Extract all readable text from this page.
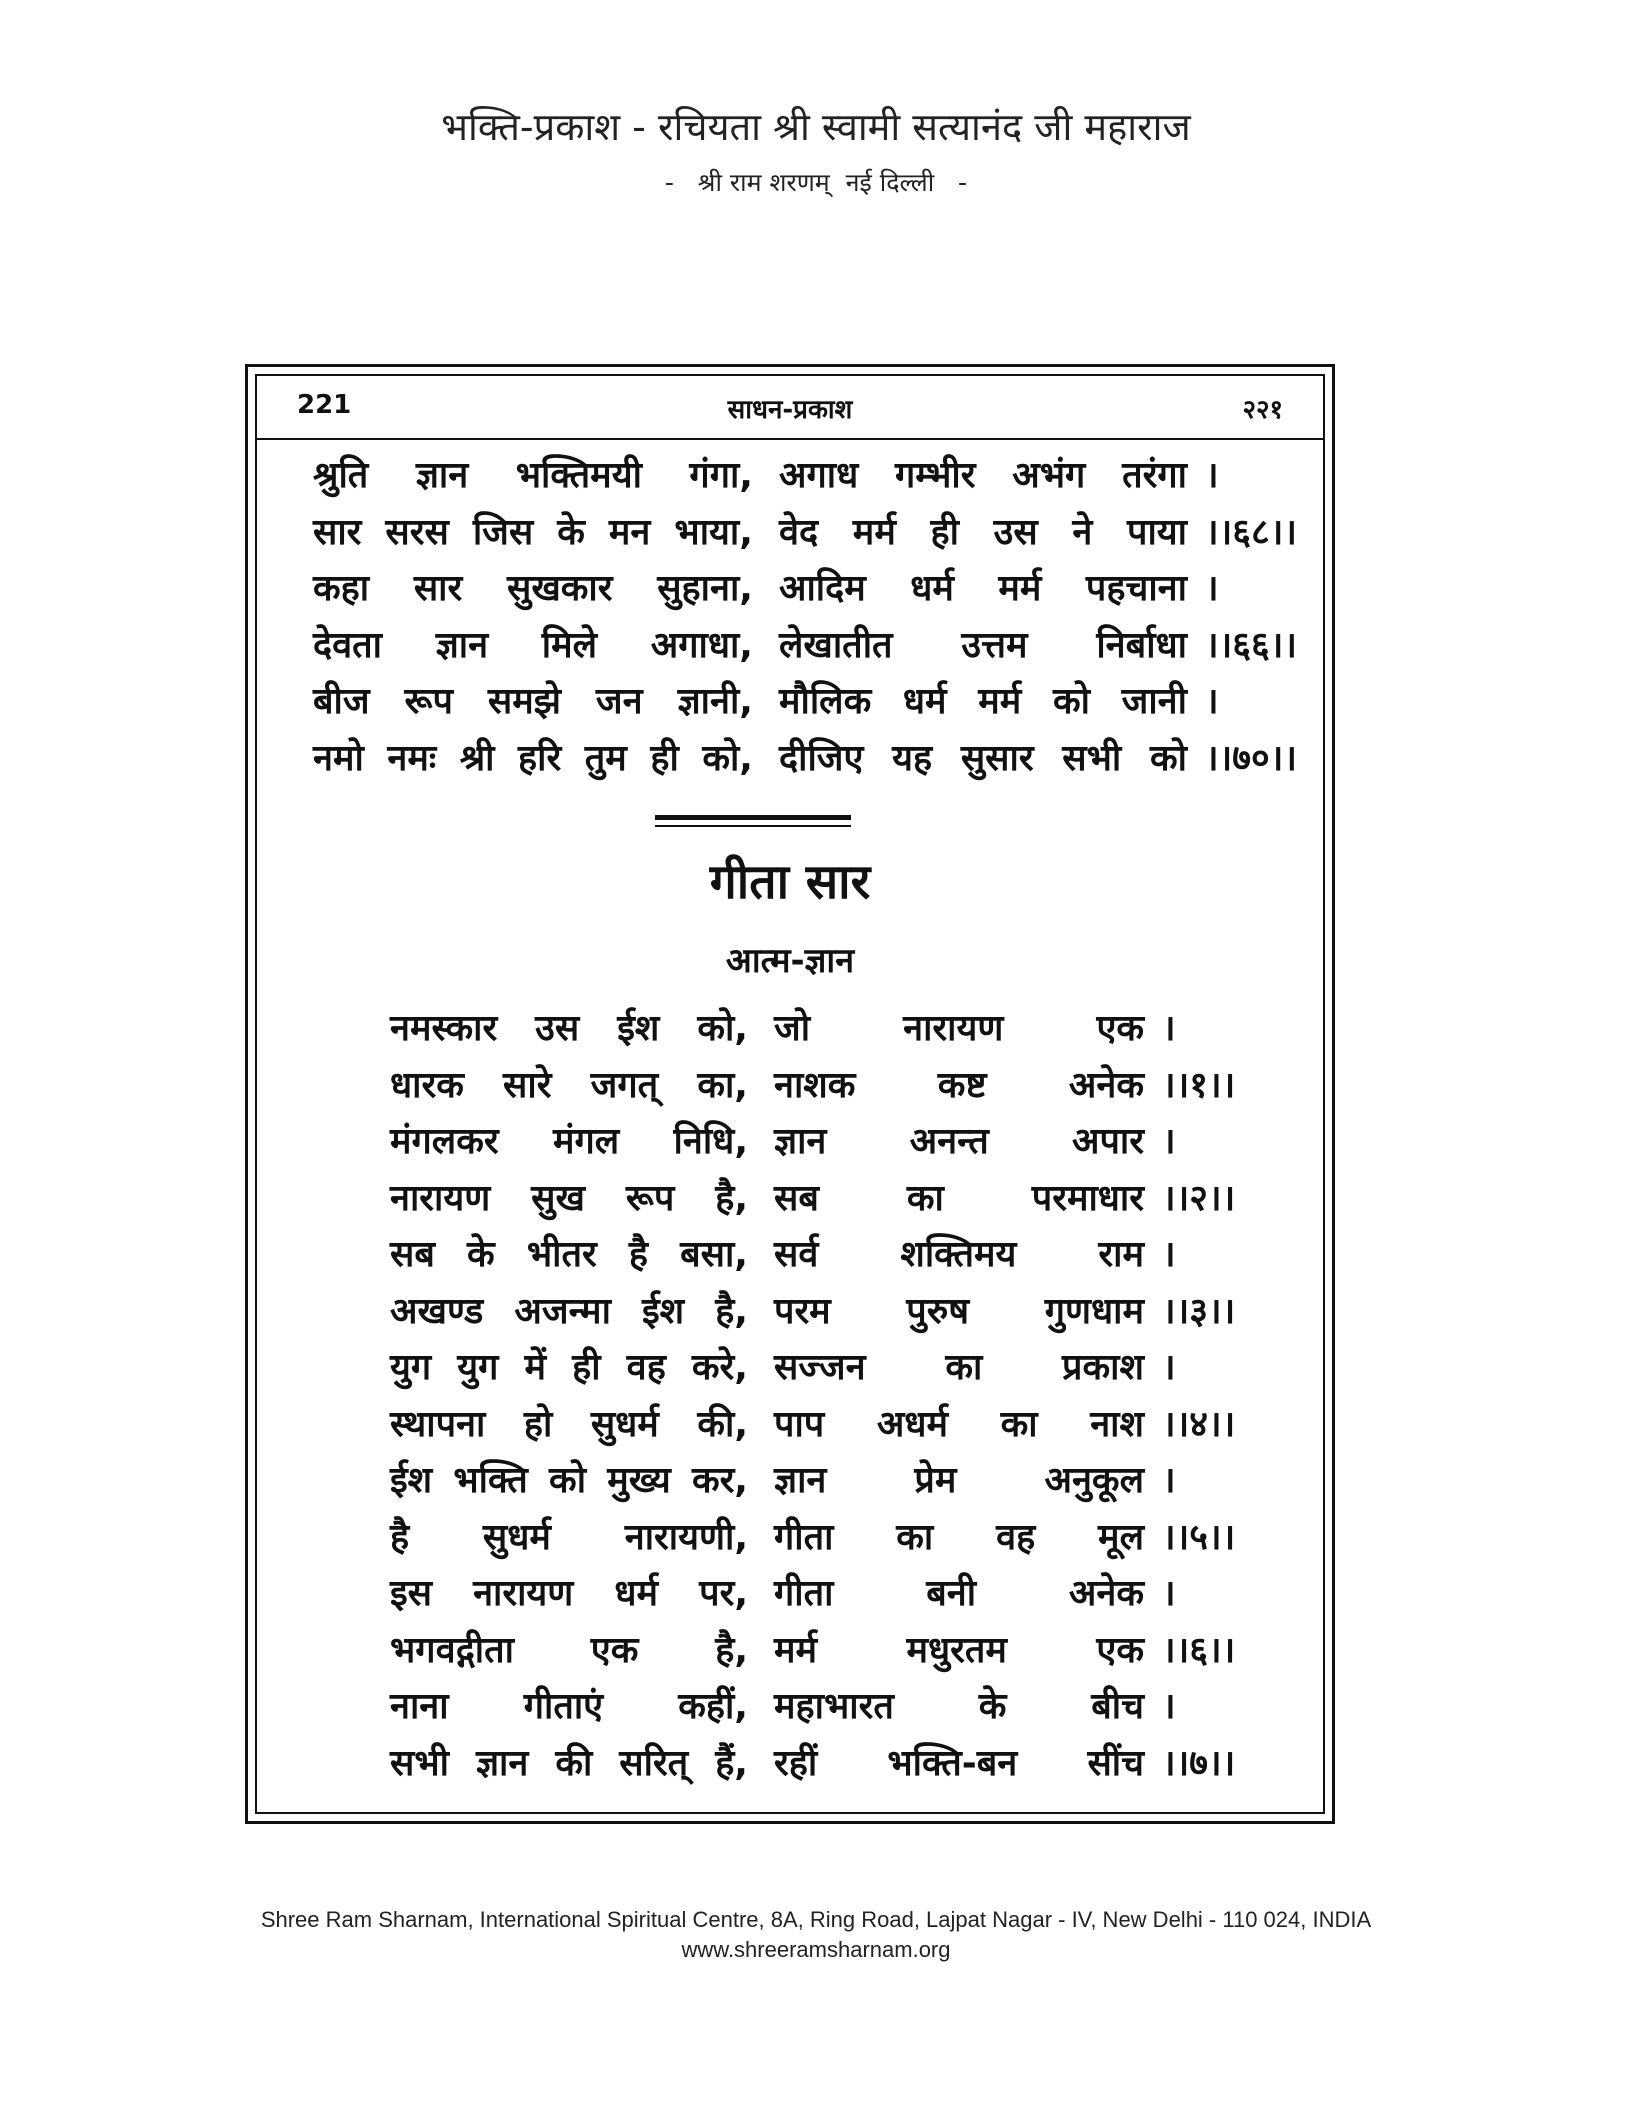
भक्ति-प्रकाश - रचियता श्री स्वामी सत्यानंद जी महाराज
-   श्री राम शरणम्  नई दिल्ली   -
221	साधन-प्रकाश	२२१
श्रुति ज्ञान भक्तिमयी गंगा, अगाध गम्भीर अभंग तरंगा ।
सार सरस जिस के मन भाया, वेद मर्म ही उस ने पाया ।।६८।।
कहा सार सुखकार सुहाना, आदिम धर्म मर्म पहचाना ।
देवता ज्ञान मिले अगाधा, लेखातीत उत्तम निर्बाधा ।।६६।।
बीज रूप समझे जन ज्ञानी, मौलिक धर्म मर्म को जानी ।
नमो नमः श्री हरि तुम ही को, दीजिए यह सुसार सभी को ।।७०।।
गीता सार
आत्म-ज्ञान
नमस्कार उस ईश को, जो	नारायण	एक ।
धारक सारे जगत् का, नाशक कष्ट अनेक ।।१।।
मंगलकर मंगल निधि, ज्ञान अनन्त अपार ।
नारायण सुख रूप है, सब का परमाधार ।।२।।
सब के भीतर है बसा, सर्व शक्तिमय राम ।
अखण्ड अजन्मा ईश है, परम पुरुष गुणधाम ।।३।।
युग युग में ही वह करे, सज्जन का प्रकाश ।
स्थापना हो सुधर्म की, पाप अधर्म का नाश ।।४।।
ईश भक्ति को मुख्य कर, ज्ञान प्रेम अनुकूल ।
है सुधर्म नारायणी, गीता का वह मूल ।।५।।
इस नारायण धर्म पर, गीता	बनी	अनेक ।
भगवद्गीता एक है, मर्म मधुरतम एक ।।६।।
नाना गीताएं कहीं, महाभारत के बीच ।
सभी ज्ञान की सरित् हैं, रहीं भक्ति-बन सींच ।।७।।
Shree Ram Sharnam, International Spiritual Centre, 8A, Ring Road, Lajpat Nagar - IV, New Delhi - 110 024, INDIA
www.shreeramsharnam.org
